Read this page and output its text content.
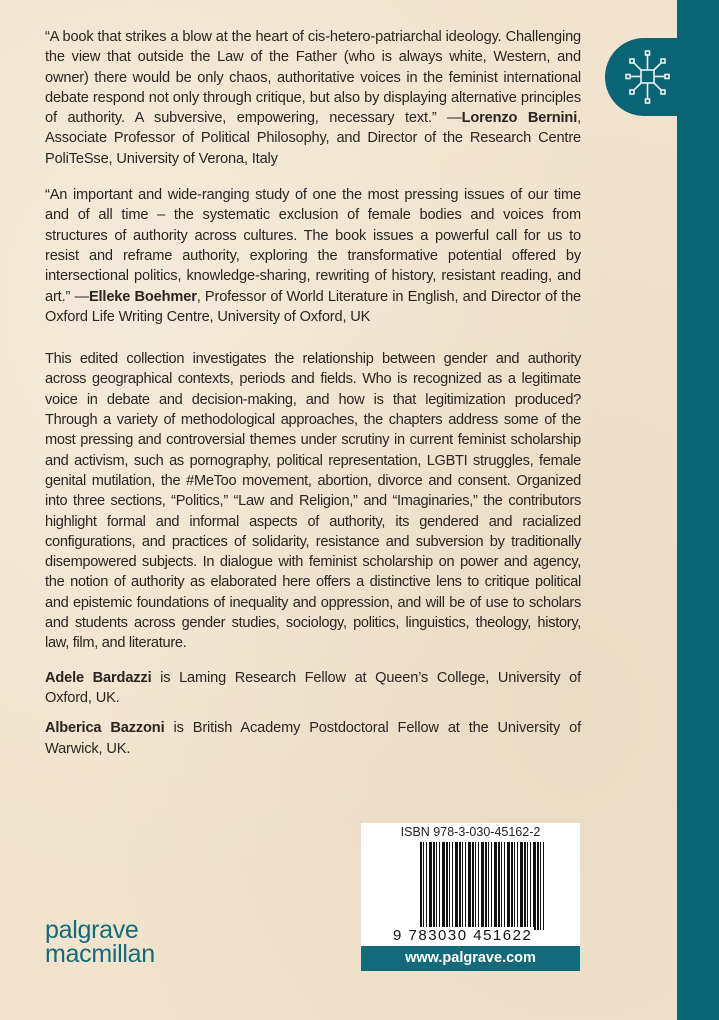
“A book that strikes a blow at the heart of cis-hetero-patriarchal ideology. Challenging the view that outside the Law of the Father (who is always white, Western, and owner) there would be only chaos, authoritative voices in the feminist international debate respond not only through critique, but also by displaying alternative principles of authority. A subversive, empowering, necessary text.” —Lorenzo Bernini, Associate Professor of Political Philosophy, and Director of the Research Centre PoliTeSse, University of Verona, Italy

“An important and wide-ranging study of one the most pressing issues of our time and of all time – the systematic exclusion of female bodies and voices from structures of authority across cultures. The book issues a powerful call for us to resist and reframe authority, exploring the transformative potential offered by intersectional politics, knowledge-sharing, rewriting of history, resistant reading, and art.” —Elleke Boehmer, Professor of World Literature in English, and Director of the Oxford Life Writing Centre, University of Oxford, UK

This edited collection investigates the relationship between gender and authority across geographical contexts, periods and fields. Who is recognized as a legitimate voice in debate and decision-making, and how is that legitimization produced? Through a variety of methodological approaches, the chapters address some of the most pressing and controversial themes under scrutiny in current feminist scholarship and activism, such as pornography, political representation, LGBTI struggles, female genital mutilation, the #MeToo movement, abortion, divorce and consent. Organized into three sections, “Politics,” “Law and Religion,” and “Imaginaries,” the contributors highlight formal and informal aspects of authority, its gendered and racialized configurations, and practices of solidarity, resistance and subversion by traditionally disempowered subjects. In dialogue with feminist scholarship on power and agency, the notion of authority as elaborated here offers a distinctive lens to critique political and epistemic foundations of inequality and oppression, and will be of use to scholars and students across gender studies, sociology, politics, linguistics, theology, history, law, film, and literature.

Adele Bardazzi is Laming Research Fellow at Queen’s College, University of Oxford, UK.

Alberica Bazzoni is British Academy Postdoctoral Fellow at the University of Warwick, UK.

palgrave
macmillan
ISBN 978-3-030-45162-2
9 783030 451622
www.palgrave.com
